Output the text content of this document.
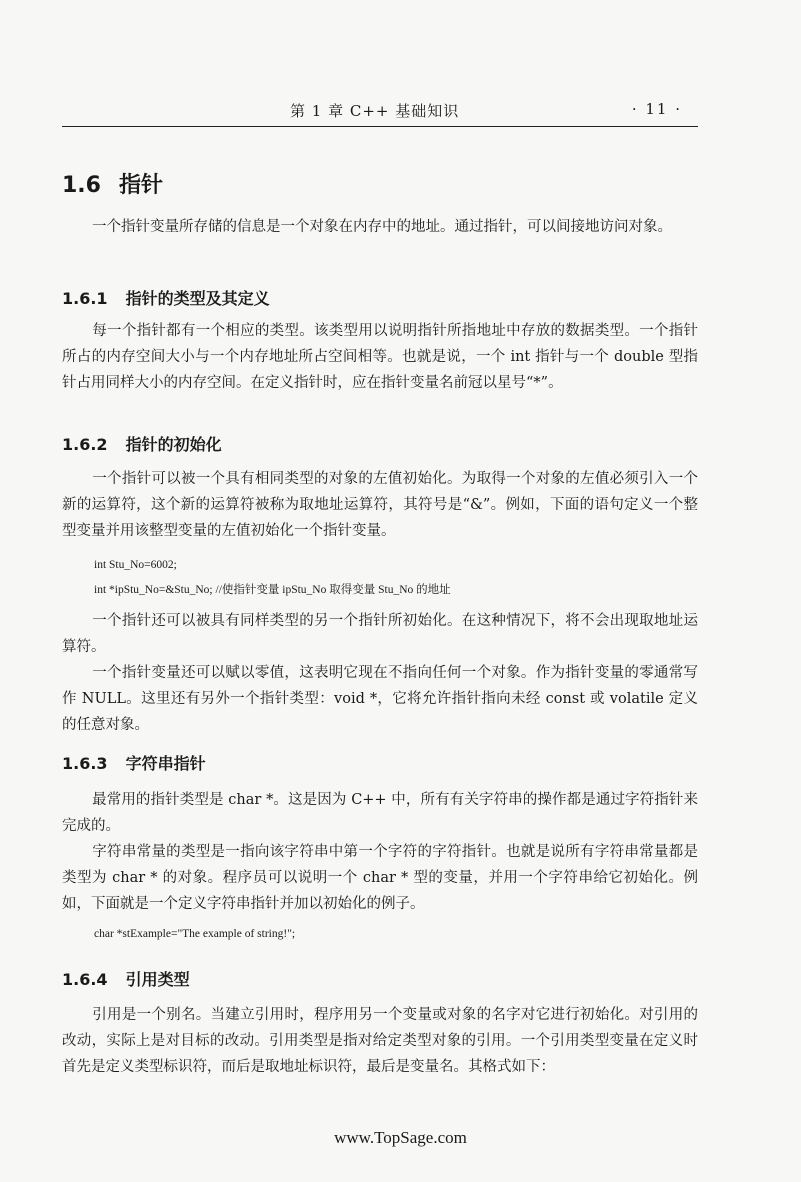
第 1 章 C++ 基础知识	· 11 ·
1.6 指针

一个指针变量所存储的信息是一个对象在内存中的地址。通过指针，可以间接地访问对象。

1.6.1 指针的类型及其定义

每一个指针都有一个相应的类型。该类型用以说明指针所指地址中存放的数据类型。一个指针所占的内存空间大小与一个内存地址所占空间相等。也就是说，一个 int 指针与一个 double 型指针占用同样大小的内存空间。在定义指针时，应在指针变量名前冠以星号“*”。

1.6.2 指针的初始化

一个指针可以被一个具有相同类型的对象的左值初始化。为取得一个对象的左值必须引入一个新的运算符，这个新的运算符被称为取地址运算符，其符号是“&”。例如，下面的语句定义一个整型变量并用该整型变量的左值初始化一个指针变量。

int Stu_No=6002;
int *ipStu_No=&Stu_No; //使指针变量 ipStu_No 取得变量 Stu_No 的地址

一个指针还可以被具有同样类型的另一个指针所初始化。在这种情况下，将不会出现取地址运算符。

一个指针变量还可以赋以零值，这表明它现在不指向任何一个对象。作为指针变量的零通常写作 NULL。这里还有另外一个指针类型：void *，它将允许指针指向未经 const 或 volatile 定义的任意对象。

1.6.3 字符串指针

最常用的指针类型是 char *。这是因为 C++ 中，所有有关字符串的操作都是通过字符指针来完成的。

字符串常量的类型是一指向该字符串中第一个字符的字符指针。也就是说所有字符串常量都是类型为 char * 的对象。程序员可以说明一个 char * 型的变量，并用一个字符串给它初始化。例如，下面就是一个定义字符串指针并加以初始化的例子。

char *stExample="The example of string!";
1.6.4 引用类型

引用是一个别名。当建立引用时，程序用另一个变量或对象的名字对它进行初始化。对引用的改动，实际上是对目标的改动。引用类型是指对给定类型对象的引用。一个引用类型变量在定义时首先是定义类型标识符，而后是取地址标识符，最后是变量名。其格式如下：

www.TopSage.com
